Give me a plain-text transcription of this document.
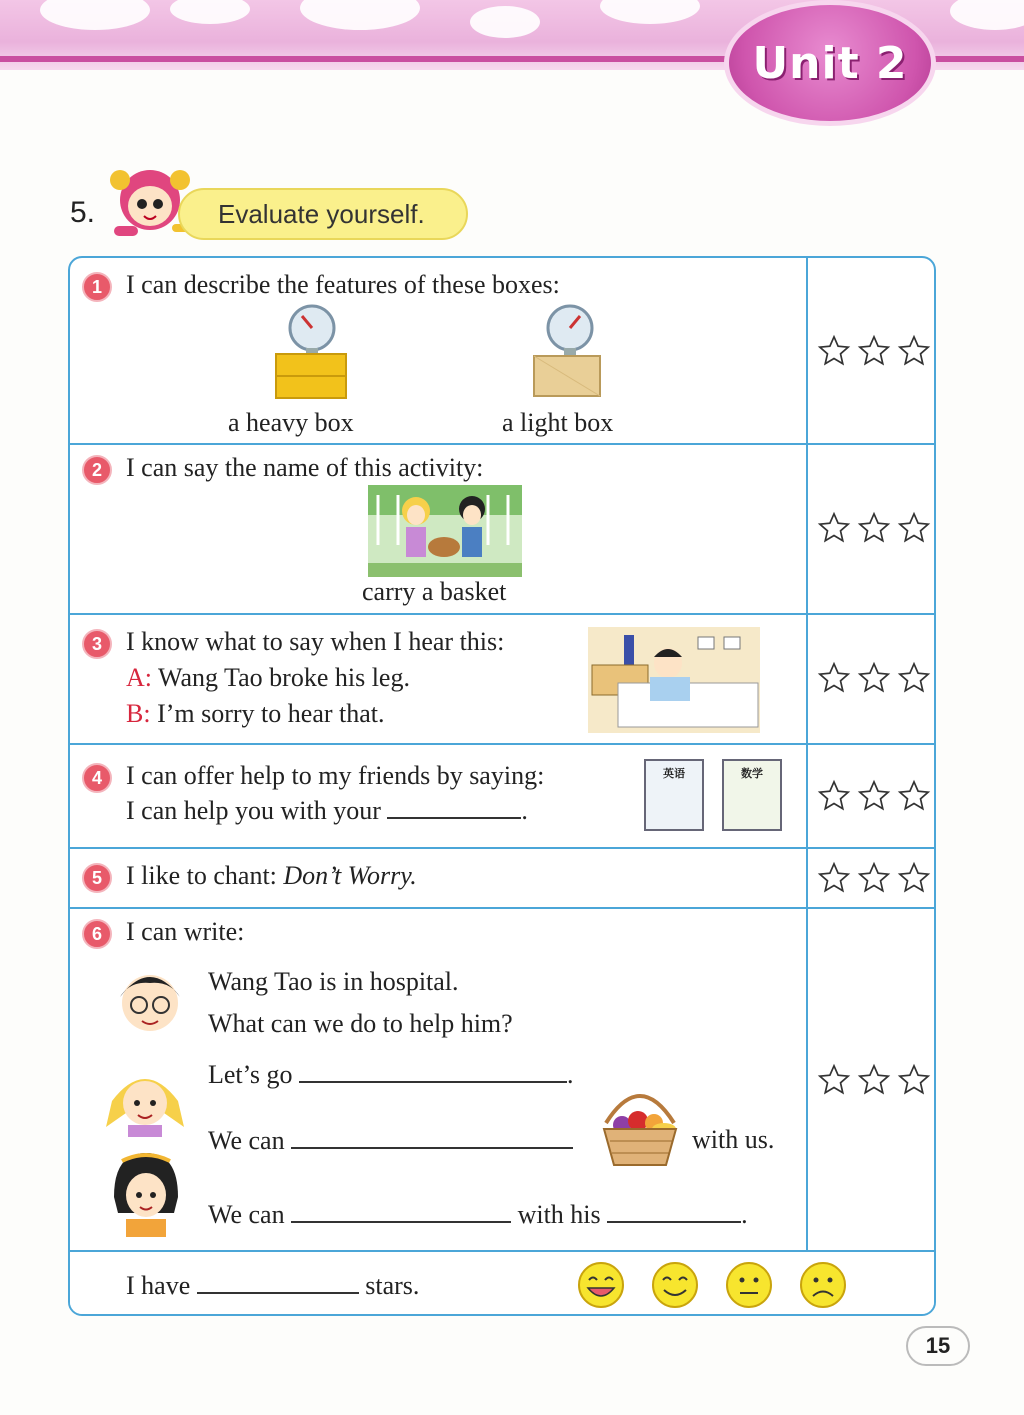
Unit 2
5.	Evaluate yourself.
1 I can describe the features of these boxes:
a heavy box	a light box
2 I can say the name of this activity:
carry a basket
3 I know what to say when I hear this:
A: Wang Tao broke his leg.
B: I’m sorry to hear that.
4 I can offer help to my friends by saying:
I can help you with your	.
英语	数学
5 I like to chant: Don’t Worry.
6 I can write:
Wang Tao is in hospital.
What can we do to help him?
Let’s go	.
We can	with us.
We can	with his	.
I have	stars.
15
